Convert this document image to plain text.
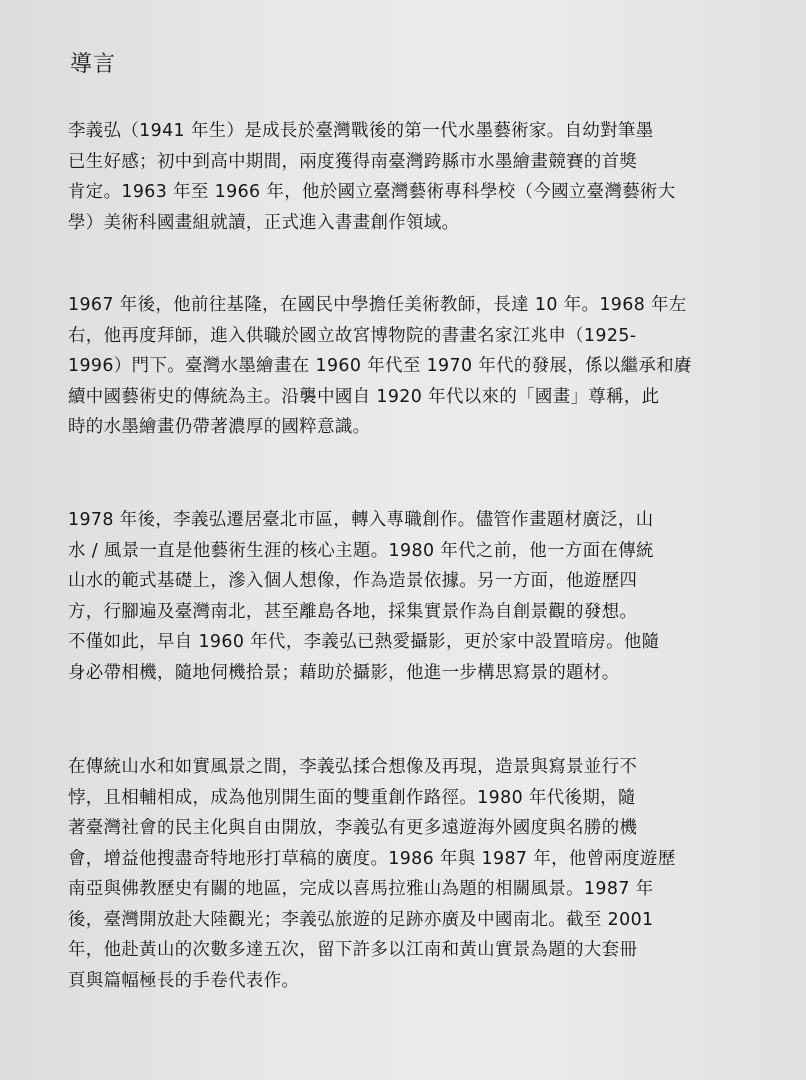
導言
李義弘（1941 年生）是成長於臺灣戰後的第一代水墨藝術家。自幼對筆墨
已生好感；初中到高中期間，兩度獲得南臺灣跨縣市水墨繪畫競賽的首獎
肯定。1963 年至 1966 年，他於國立臺灣藝術專科學校（今國立臺灣藝術大
學）美術科國畫組就讀，正式進入書畫創作領域。
1967 年後，他前往基隆，在國民中學擔任美術教師，長達 10 年。1968 年左
右，他再度拜師，進入供職於國立故宮博物院的書畫名家江兆申（1925-
1996）門下。臺灣水墨繪畫在 1960 年代至 1970 年代的發展，係以繼承和賡
續中國藝術史的傳統為主。沿襲中國自 1920 年代以來的「國畫」尊稱，此
時的水墨繪畫仍帶著濃厚的國粹意識。
1978 年後，李義弘遷居臺北市區，轉入專職創作。儘管作畫題材廣泛，山
水 / 風景一直是他藝術生涯的核心主題。1980 年代之前，他一方面在傳統
山水的範式基礎上，滲入個人想像，作為造景依據。另一方面，他遊歷四
方，行腳遍及臺灣南北，甚至離島各地，採集實景作為自創景觀的發想。
不僅如此，早自 1960 年代，李義弘已熱愛攝影，更於家中設置暗房。他隨
身必帶相機，隨地伺機拾景；藉助於攝影，他進一步構思寫景的題材。
在傳統山水和如實風景之間，李義弘揉合想像及再現，造景與寫景並行不
悖，且相輔相成，成為他別開生面的雙重創作路徑。1980 年代後期，隨
著臺灣社會的民主化與自由開放，李義弘有更多遠遊海外國度與名勝的機
會，增益他搜盡奇特地形打草稿的廣度。1986 年與 1987 年，他曾兩度遊歷
南亞與佛教歷史有關的地區，完成以喜馬拉雅山為題的相關風景。1987 年
後，臺灣開放赴大陸觀光；李義弘旅遊的足跡亦廣及中國南北。截至 2001
年，他赴黃山的次數多達五次，留下許多以江南和黃山實景為題的大套冊
頁與篇幅極長的手卷代表作。
